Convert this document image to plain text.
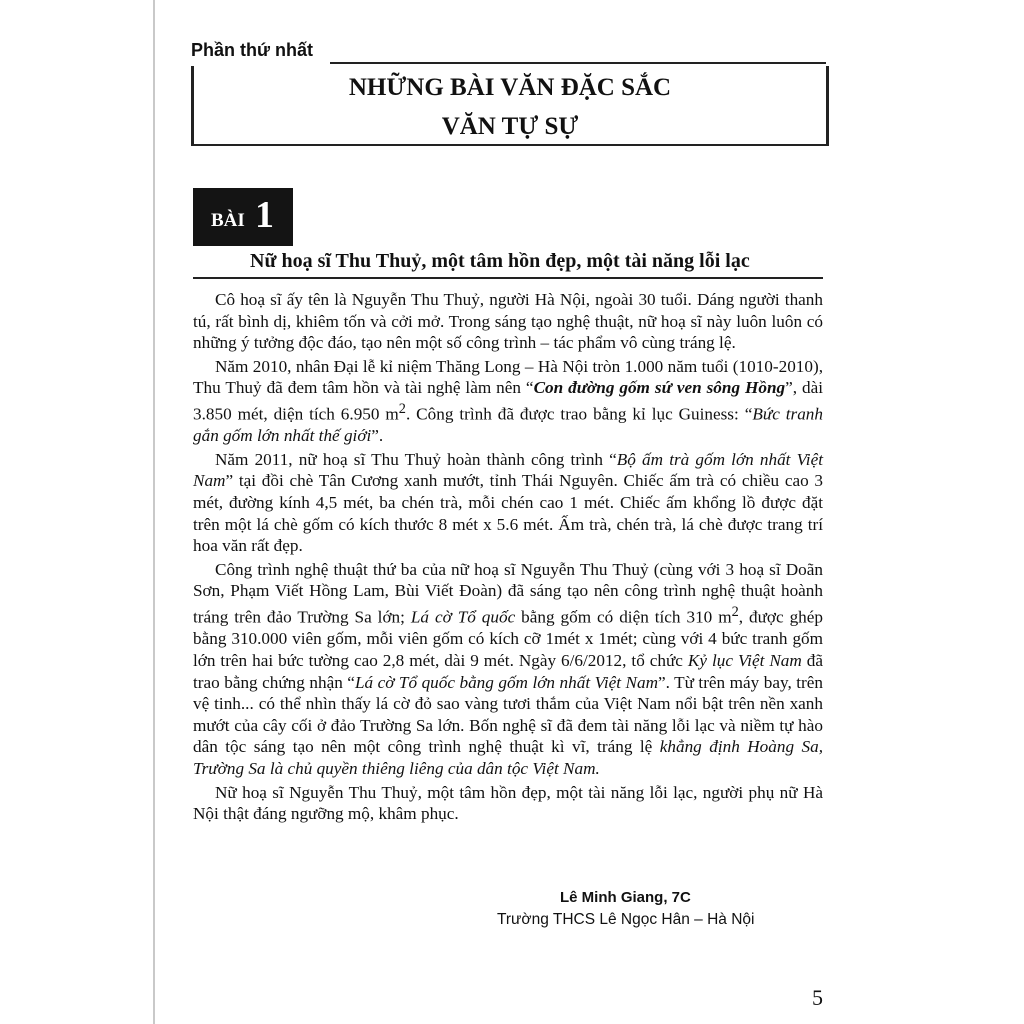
Phần thứ nhất
NHỮNG BÀI VĂN ĐẶC SẮC
VĂN TỰ SỰ
BÀI 1
Nữ hoạ sĩ Thu Thuỷ, một tâm hồn đẹp, một tài năng lỗi lạc

Cô hoạ sĩ ấy tên là Nguyễn Thu Thuỷ, người Hà Nội, ngoài 30 tuổi. Dáng người thanh tú, rất bình dị, khiêm tốn và cởi mở. Trong sáng tạo nghệ thuật, nữ hoạ sĩ này luôn luôn có những ý tưởng độc đáo, tạo nên một số công trình – tác phẩm vô cùng tráng lệ.

Năm 2010, nhân Đại lễ kỉ niệm Thăng Long – Hà Nội tròn 1.000 năm tuổi (1010-2010), Thu Thuỷ đã đem tâm hồn và tài nghệ làm nên “Con đường gốm sứ ven sông Hồng”, dài 3.850 mét, diện tích 6.950 $m^2$. Công trình đã được trao bằng kỉ lục Guiness: “Bức tranh gắn gốm lớn nhất thế giới”.

Năm 2011, nữ hoạ sĩ Thu Thuỷ hoàn thành công trình “Bộ ấm trà gốm lớn nhất Việt Nam” tại đồi chè Tân Cương xanh mướt, tỉnh Thái Nguyên. Chiếc ấm trà có chiều cao 3 mét, đường kính 4,5 mét, ba chén trà, mỗi chén cao 1 mét. Chiếc ấm khổng lồ được đặt trên một lá chè gốm có kích thước 8 mét x 5.6 mét. Ấm trà, chén trà, lá chè được trang trí hoa văn rất đẹp.

Công trình nghệ thuật thứ ba của nữ hoạ sĩ Nguyễn Thu Thuỷ (cùng với 3 hoạ sĩ Doãn Sơn, Phạm Viết Hồng Lam, Bùi Viết Đoàn) đã sáng tạo nên công trình nghệ thuật hoành tráng trên đảo Trường Sa lớn; Lá cờ Tổ quốc bằng gốm có diện tích 310 $m^2$, được ghép bằng 310.000 viên gốm, mỗi viên gốm có kích cỡ 1mét x 1mét; cùng với 4 bức tranh gốm lớn trên hai bức tường cao 2,8 mét, dài 9 mét. Ngày 6/6/2012, tổ chức Kỷ lục Việt Nam đã trao bằng chứng nhận “Lá cờ Tổ quốc bằng gốm lớn nhất Việt Nam”. Từ trên máy bay, trên vệ tinh... có thể nhìn thấy lá cờ đỏ sao vàng tươi thắm của Việt Nam nổi bật trên nền xanh mướt của cây cối ở đảo Trường Sa lớn. Bốn nghệ sĩ đã đem tài năng lỗi lạc và niềm tự hào dân tộc sáng tạo nên một công trình nghệ thuật kì vĩ, tráng lệ khẳng định Hoàng Sa, Trường Sa là chủ quyền thiêng liêng của dân tộc Việt Nam.

Nữ hoạ sĩ Nguyễn Thu Thuỷ, một tâm hồn đẹp, một tài năng lỗi lạc, người phụ nữ Hà Nội thật đáng ngưỡng mộ, khâm phục.

Lê Minh Giang, 7C
Trường THCS Lê Ngọc Hân – Hà Nội
5
